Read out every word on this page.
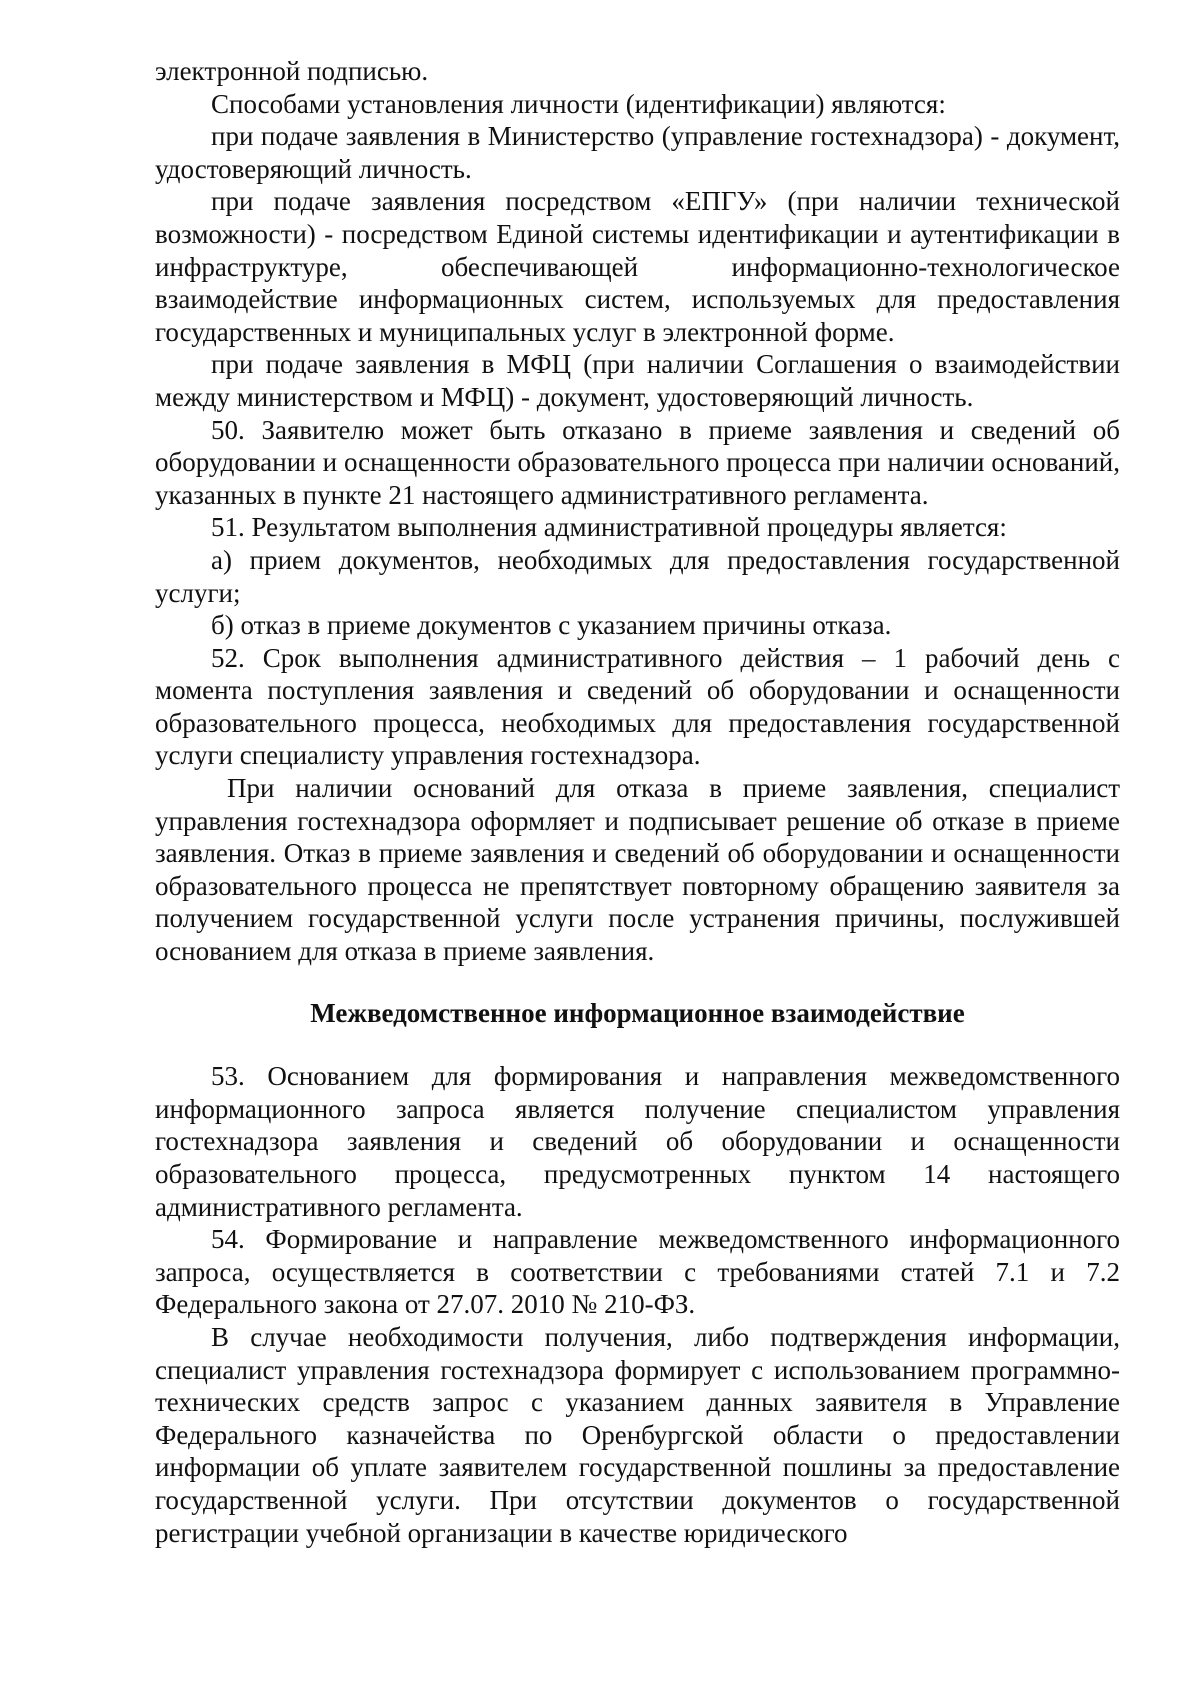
электронной подписью.

Способами установления личности (идентификации) являются:

при подаче заявления в Министерство (управление гостехнадзора) - документ, удостоверяющий личность.

при подаче заявления посредством «ЕПГУ» (при наличии технической возможности) - посредством Единой системы идентификации и аутентификации в инфраструктуре, обеспечивающей информационно-технологическое взаимодействие информационных систем, используемых для предоставления государственных и муниципальных услуг в электронной форме.

при подаче заявления в МФЦ (при наличии Соглашения о взаимодействии между министерством и МФЦ) - документ, удостоверяющий личность.

50. Заявителю может быть отказано в приеме заявления и сведений об оборудовании и оснащенности образовательного процесса при наличии оснований, указанных в пункте 21 настоящего административного регламента.

51. Результатом выполнения административной процедуры является:

а) прием документов, необходимых для предоставления государственной услуги;

б) отказ в приеме документов с указанием причины отказа.

52. Срок выполнения административного действия – 1 рабочий день с момента поступления заявления и сведений об оборудовании и оснащенности образовательного процесса, необходимых для предоставления государственной услуги специалисту управления гостехнадзора.

При наличии оснований для отказа в приеме заявления, специалист управления гостехнадзора оформляет и подписывает решение об отказе в приеме заявления. Отказ в приеме заявления и сведений об оборудовании и оснащенности образовательного процесса не препятствует повторному обращению заявителя за получением государственной услуги после устранения причины, послужившей основанием для отказа в приеме заявления.

Межведомственное информационное взаимодействие

53. Основанием для формирования и направления межведомственного информационного запроса является получение специалистом управления гостехнадзора заявления и сведений об оборудовании и оснащенности образовательного процесса, предусмотренных пунктом 14 настоящего административного регламента.

54. Формирование и направление межведомственного информационного запроса, осуществляется в соответствии с требованиями статей 7.1 и 7.2 Федерального закона от 27.07. 2010 № 210-ФЗ.

В случае необходимости получения, либо подтверждения информации, специалист управления гостехнадзора формирует с использованием программно-технических средств запрос с указанием данных заявителя в Управление Федерального казначейства по Оренбургской области о предоставлении информации об уплате заявителем государственной пошлины за предоставление государственной услуги. При отсутствии документов о государственной регистрации учебной организации в качестве юридического
